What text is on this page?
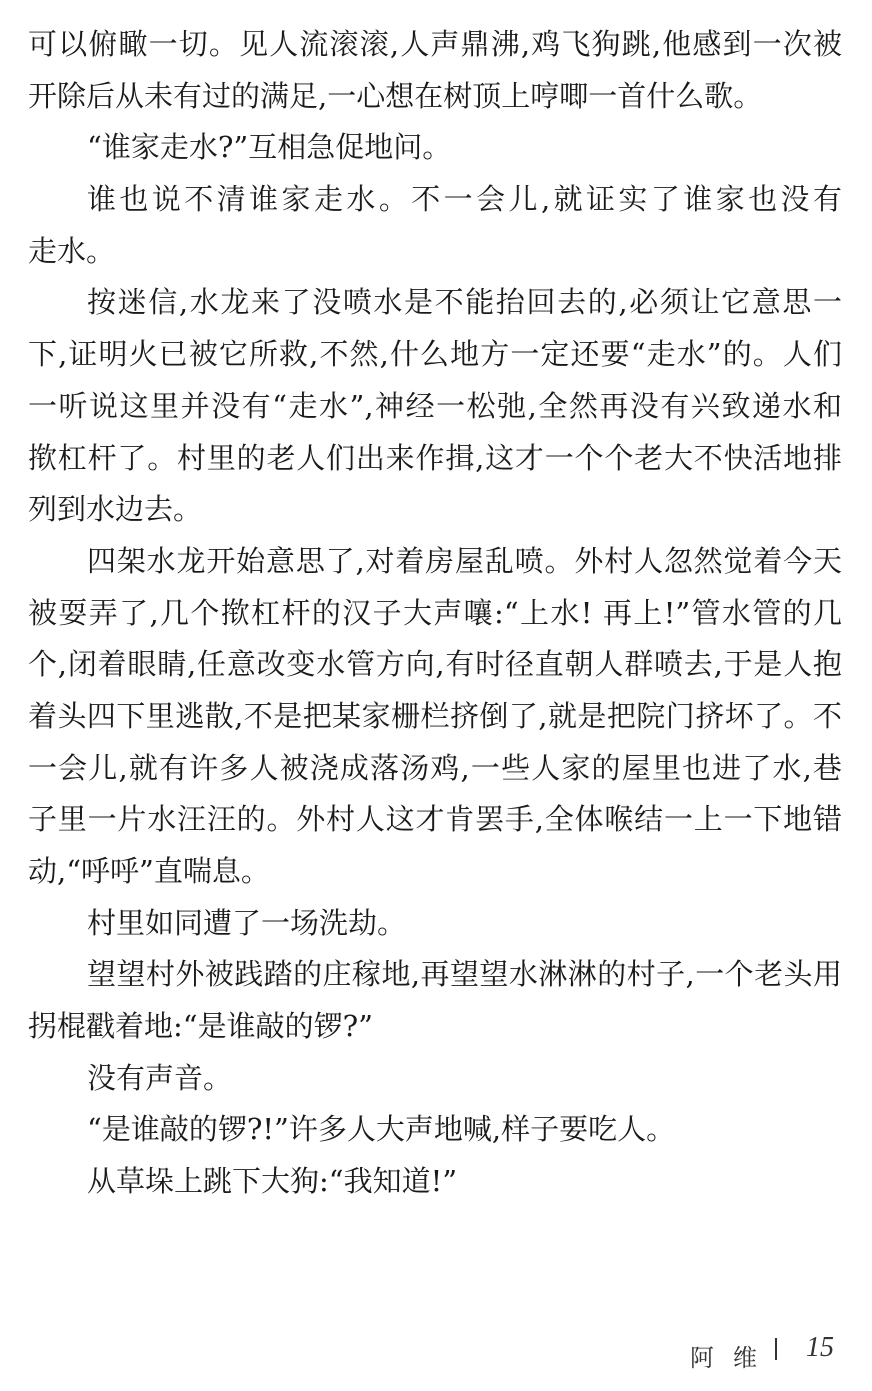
可以俯瞰一切。见人流滚滚,人声鼎沸,鸡飞狗跳,他感到一次被
开除后从未有过的满足,一心想在树顶上哼唧一首什么歌。
“谁家走水?”互相急促地问。
谁也说不清谁家走水。不一会儿,就证实了谁家也没有
走水。
按迷信,水龙来了没喷水是不能抬回去的,必须让它意思一
下,证明火已被它所救,不然,什么地方一定还要“走水”的。人们
一听说这里并没有“走水”,神经一松弛,全然再没有兴致递水和
揿杠杆了。村里的老人们出来作揖,这才一个个老大不快活地排
列到水边去。
四架水龙开始意思了,对着房屋乱喷。外村人忽然觉着今天
被耍弄了,几个揿杠杆的汉子大声嚷:“上水! 再上!”管水管的几
个,闭着眼睛,任意改变水管方向,有时径直朝人群喷去,于是人抱
着头四下里逃散,不是把某家栅栏挤倒了,就是把院门挤坏了。不
一会儿,就有许多人被浇成落汤鸡,一些人家的屋里也进了水,巷
子里一片水汪汪的。外村人这才肯罢手,全体喉结一上一下地错
动,“呼呼”直喘息。
村里如同遭了一场洗劫。
望望村外被践踏的庄稼地,再望望水淋淋的村子,一个老头用
拐棍戳着地:“是谁敲的锣?”
没有声音。
“是谁敲的锣?!”许多人大声地喊,样子要吃人。
从草垛上跳下大狗:“我知道!”
阿 维 15
